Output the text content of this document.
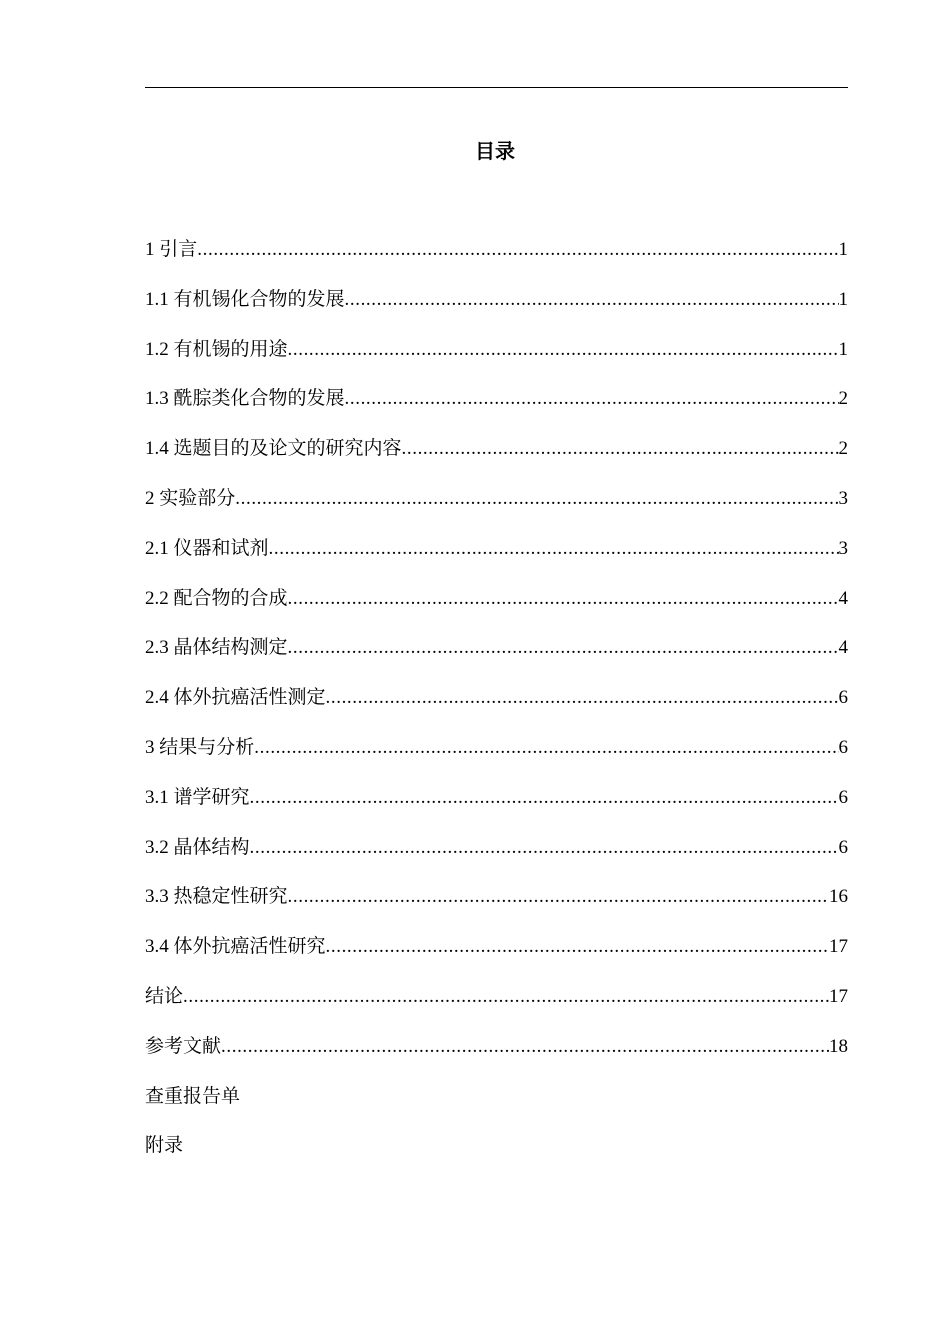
目录
1 引言 .....	1
1.1 有机锡化合物的发展 .....	1
1.2 有机锡的用途 .....	1
1.3 酰腙类化合物的发展 .....	2
1.4 选题目的及论文的研究内容 .....	2
2 实验部分 .....	3
2.1 仪器和试剂 .....	3
2.2 配合物的合成 .....	4
2.3 晶体结构测定 .....	4
2.4 体外抗癌活性测定 .....	6
3 结果与分析 .....	6
3.1 谱学研究 .....	6
3.2 晶体结构 .....	6
3.3 热稳定性研究 .....	16
3.4 体外抗癌活性研究 .....	17
结论 .....	17
参考文献 .....	18
查重报告单
附录
